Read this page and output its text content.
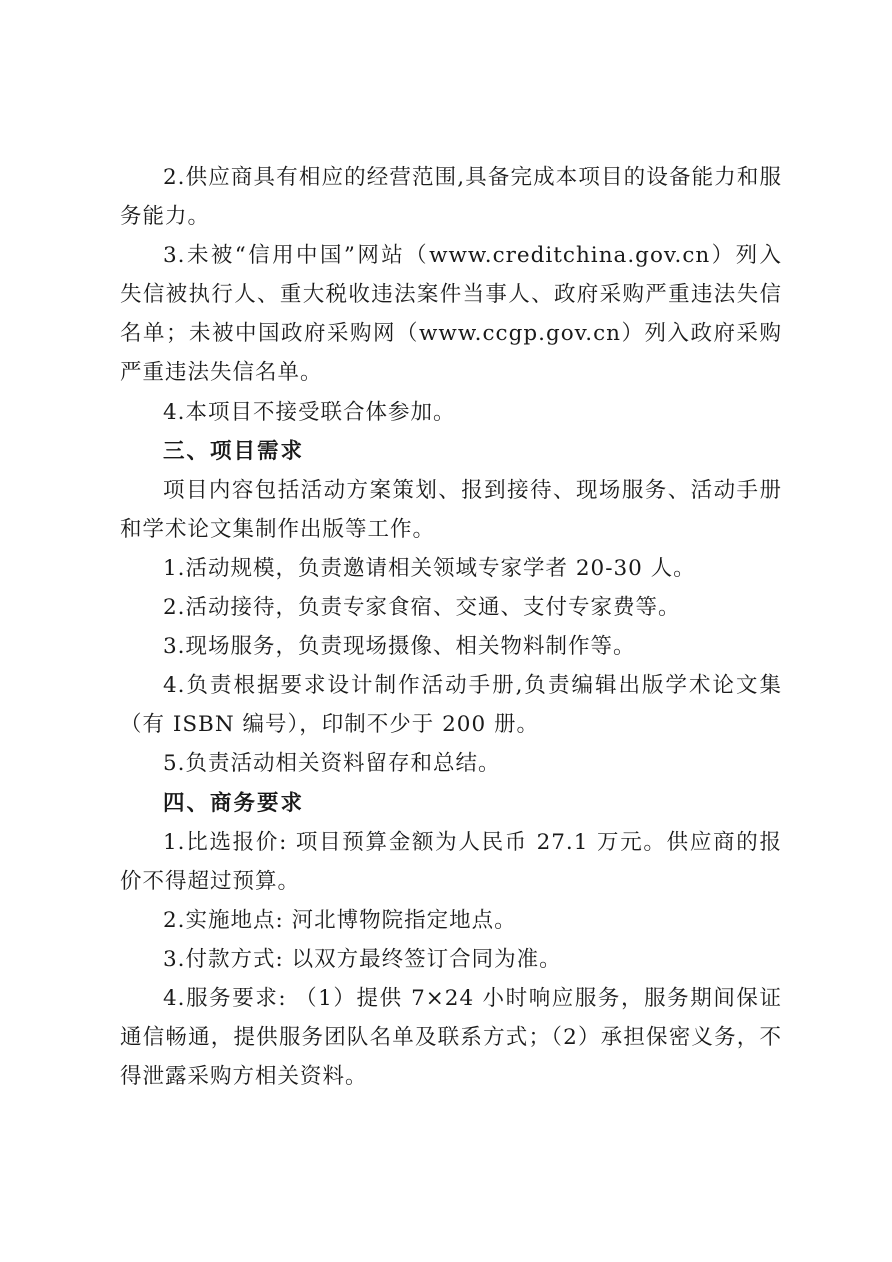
2.供应商具有相应的经营范围,具备完成本项目的设备能力和服务能力。

3.未被“信用中国”网站（www.creditchina.gov.cn）列入失信被执行人、重大税收违法案件当事人、政府采购严重违法失信名单；未被中国政府采购网（www.ccgp.gov.cn）列入政府采购严重违法失信名单。

4.本项目不接受联合体参加。

三、项目需求

项目内容包括活动方案策划、报到接待、现场服务、活动手册和学术论文集制作出版等工作。

1.活动规模，负责邀请相关领域专家学者 20-30 人。

2.活动接待，负责专家食宿、交通、支付专家费等。

3.现场服务，负责现场摄像、相关物料制作等。

4.负责根据要求设计制作活动手册,负责编辑出版学术论文集（有 ISBN 编号），印制不少于 200 册。

5.负责活动相关资料留存和总结。

四、商务要求

1.比选报价: 项目预算金额为人民币 27.1 万元。供应商的报价不得超过预算。

2.实施地点: 河北博物院指定地点。

3.付款方式: 以双方最终签订合同为准。

4.服务要求: （1）提供 7×24 小时响应服务，服务期间保证通信畅通，提供服务团队名单及联系方式；（2）承担保密义务，不得泄露采购方相关资料。
